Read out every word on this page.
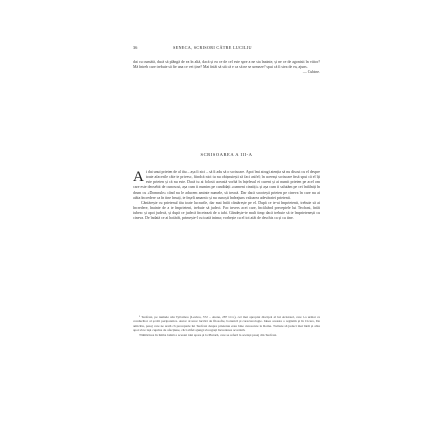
36	SENECA, SCRISORI CĂTRE LUCILIU

dat cu cumătă, dacă să plângă de ea în altă, dacă și ea ce de cel este spre a ne sta înainte, și ne ce de agonisit în viitor? Mă întreb care trebuie să fie una ce vei ține? Mai întâi să stă că e ca să ne se urmeze? spui că îi stea de ea, ajuns.

— Cubine.

SCRISOAREA A III-A

Ai dat unui prieten de al tău – așa îi zici – să îi adu să o scrisoare. Apoi îmi atragi atenția să nu discut cu el despre toate afacerile câte te privesc, fiindcă nici tu nu obișnuiești să faci astfel; în aceeași scrisoare însă spui că el îți este prieten și că nu este. Dacă tu ai folosit această vorbă în înțelesul ei curent și ai numit prieten pe acel om care este deosebit de cunoscut, așa cum ii numim pe candidați «oameni cinstiți» și așa cum ii salutăm pe cei întâlniți în drum cu «Domnule» când nu le aducem aminte numele, să treacă. Dar dacă socotești prieten pe cineva în care nu ai atâta încredere ca în tine însuți, te înșeli amarnic și nu cunoști îndeajuns valoarea adevăratei prietenii.

Cântărește cu prietenul tău toate lucrurile, dar mai întâi cântărește pe el. După ce te-ai împrietenit, trebuie să ai încredere, înainte de a te împrieteni, trebuie să judeci. Fac invers acei care, încălcând preceptele lui Teofrast, întâi iubesc și apoi judecă, și după ce judecă încetează de a iubi. Gândește-te mult timp dacă trebuie să te împrietenești cu cineva. De îndată ce ai hotărât, primește-l cu toată inima; vorbește cu el tot atât de deschis ca și cu tine.

¹ Teofrast, pe numele său Tyrtamos (Lesbos, 372 – Atena, 287 î.Cr.), cel mai apropiat discipol al lui Aristotel, care l-a urmat ca conducător al școlii peripatetice. Autor al unor lucrări de filosofie, botanică și caracterologie. Ideea aceasta o regăsim și în Cicero, De amicitia, pasaj care ne arată că preceptele lui Teofrast despre prietenie erau bine cunoscute la Roma. Trebuie să judeci mai întâi și abia apoi să te lași cuprins de afecțiune, căci altfel ajungi să regreți încrederea acordată.

Tălmăcirea în limba latină a acestei idei apare și la Plutarh, care se referă la același pasaj din Teofrast.
